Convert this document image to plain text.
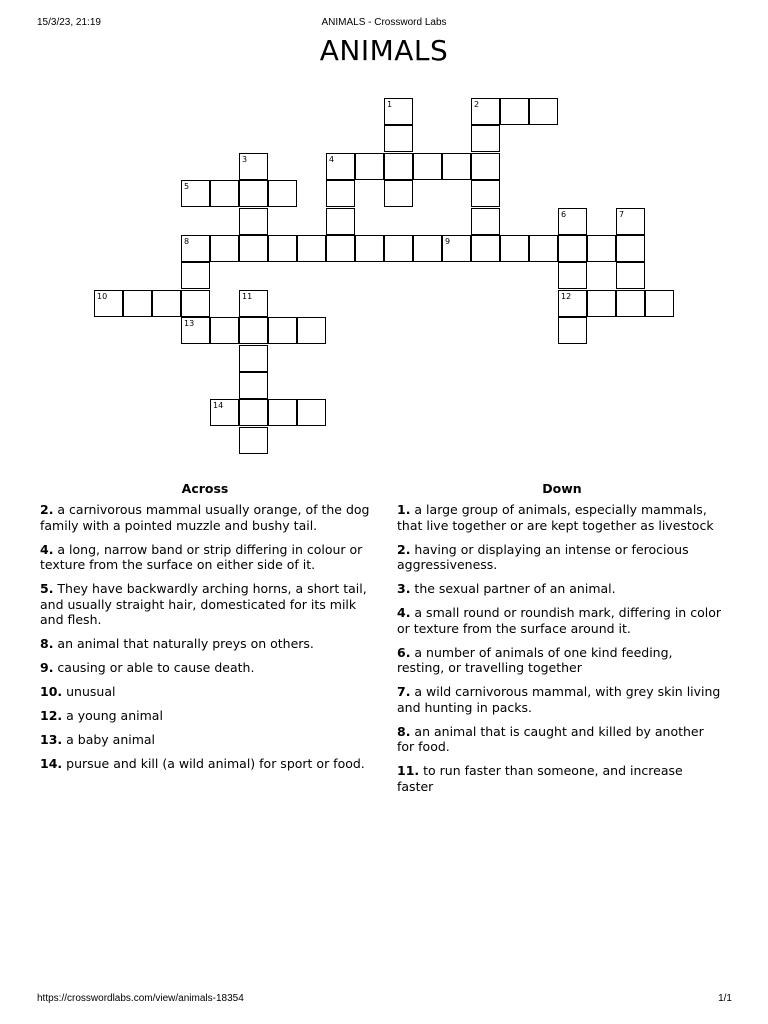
15/3/23, 21:19	ANIMALS - Crossword Labs
ANIMALS
1	2
3	4
5
6	7
8	9
10	11	12
13
14
Across	Down
2. a carnivorous mammal usually orange, of the dog family with a pointed muzzle and bushy tail.
4. a long, narrow band or strip differing in colour or texture from the surface on either side of it.
5. They have backwardly arching horns, a short tail, and usually straight hair, domesticated for its milk and flesh.
8. an animal that naturally preys on others.
9. causing or able to cause death.
10. unusual
12. a young animal
13. a baby animal
14. pursue and kill (a wild animal) for sport or food.
1. a large group of animals, especially mammals, that live together or are kept together as livestock
2. having or displaying an intense or ferocious aggressiveness.
3. the sexual partner of an animal.
4. a small round or roundish mark, differing in color or texture from the surface around it.
6. a number of animals of one kind feeding, resting, or travelling together
7. a wild carnivorous mammal, with grey skin living and hunting in packs.
8. an animal that is caught and killed by another for food.
11. to run faster than someone, and increase faster
https://crosswordlabs.com/view/animals-18354	1/1
